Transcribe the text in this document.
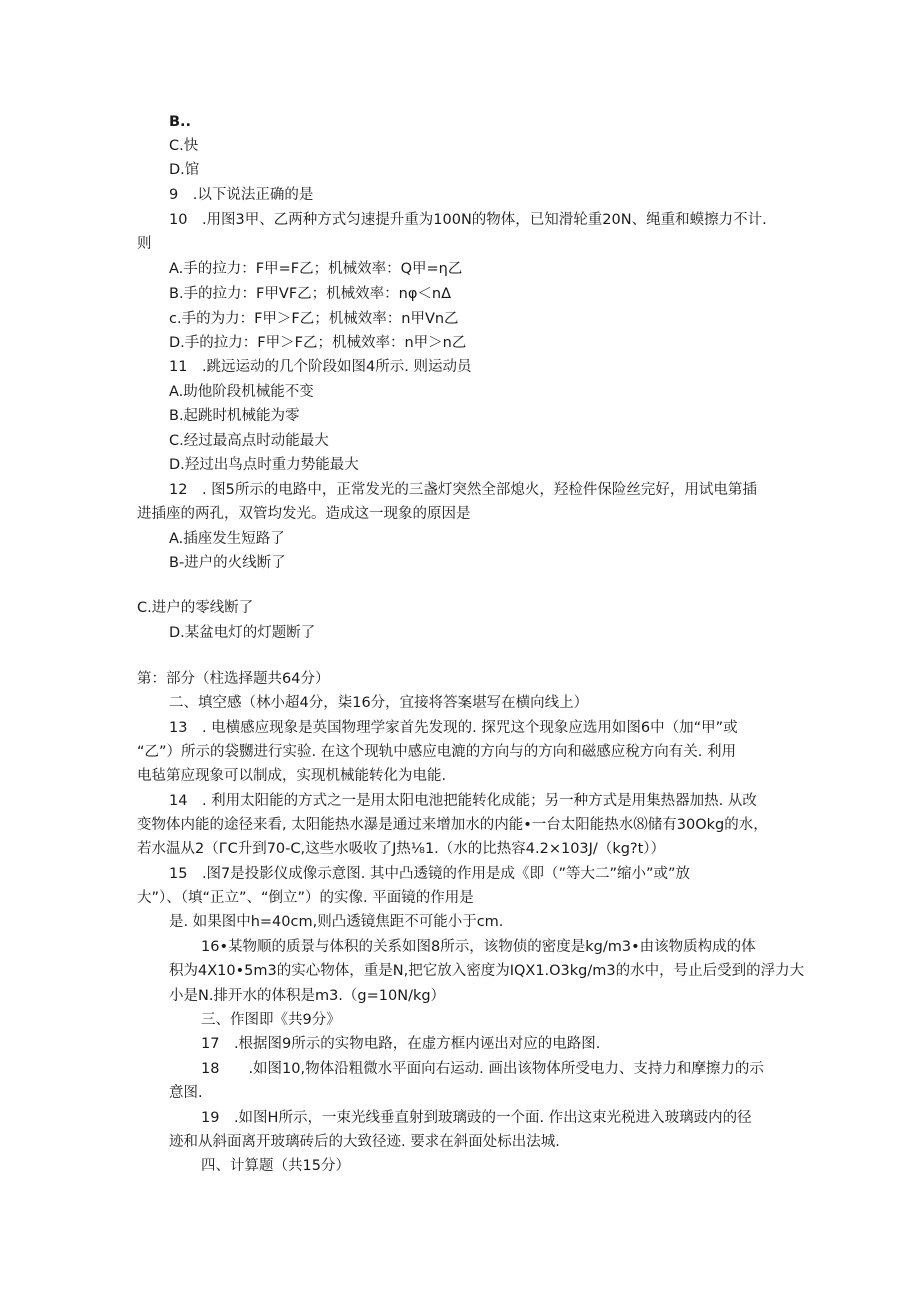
B..
C.快
D.馆
9　.以下说法正确的是
10　.用图3甲、乙两种方式匀速提升重为100N的物体，已知滑轮重20N、绳重和蟆擦力不计.
则
A.手的拉力：F甲=F乙；机械效率：Q甲=η乙
B.手的拉力：F甲VF乙；机械效率：nφ＜nΔ
c.手的为力：F甲＞F乙；机械效率：n甲Vn乙
D.手的拉力：F甲＞F乙；机械效率：n甲＞n乙
11　.跳远运动的几个阶段如图4所示. 则运动员
A.助他阶段机械能不变
B.起跳时机械能为零
C.经过最高点时动能最大
D.羟过出鸟点时重力势能最大
12　. 图5所示的电路中，正常发光的三盏灯突然全部熄火，羟检件保险丝完好，用试电第插
进插座的两孔，双管均发光。造成这一现象的原因是
A.插座发生短路了
B-进户的火线断了
C.进户的零线断了
D.某盆电灯的灯题断了
第：部分（柱选择题共64分）
二、填空感（林小超4分，柒16分，宜接将答案堪写在横向线上）
13　. 电横感应现象是英国物理学家首先发现的. 探咒这个现象应选用如图6中（加“甲”或
“乙”）所示的袋嬲进行实验. 在这个现轨中感应电漉的方向与的方向和磁感应稅方向有关. 利用
电毡第应现象可以制成，实现机械能转化为电能.
14　. 利用太阳能的方式之一是用太阳电池把能转化成能；另一种方式是用集热器加热. 从改
变物体内能的途径来看, 太阳能热水瀑是通过来增加水的内能•一台太阳能热水⑻储有30Okg的水，
若水温从2（ГC升到70-C,这些水吸收了J热⅛1.（水的比热容4.2×103J/（kg?t））
15　.图7是投影仪成像示意图. 其中凸透镜的作用是成《即（”等大二”缩小”或”放
大”）、（填“正立”、“倒立”）的实像. 平面镜的作用是
是. 如果图中h=40cm,则凸透镜焦距不可能小于cm.
16•某物顺的质景与体积的关系如图8所示，该物侦的密度是kg/m3•由该物质构成的体
积为4X10•5m3的实心物体，重是N,把它放入密度为IQX1.O3kg/m3的水中，号止后受到的浮力大
小是N.排开水的体积是m3.（g=10N/kg）
三、作图即《共9分》
17　.根据图9所示的实物电路，在虚方框内诬出对应的电路图.
18　　.如图10,物体沿粗微水平面向右运动. 画出该物体所受电力、支持力和摩擦力的示
意图.
19　.如图H所示，一束光线垂直射到玻璃豉的一个面. 作出这束光税进入玻璃豉内的径
迹和从斜面离开玻璃砖后的大致径迹. 要求在斜面处标出法城.
四、计算题（共15分）
